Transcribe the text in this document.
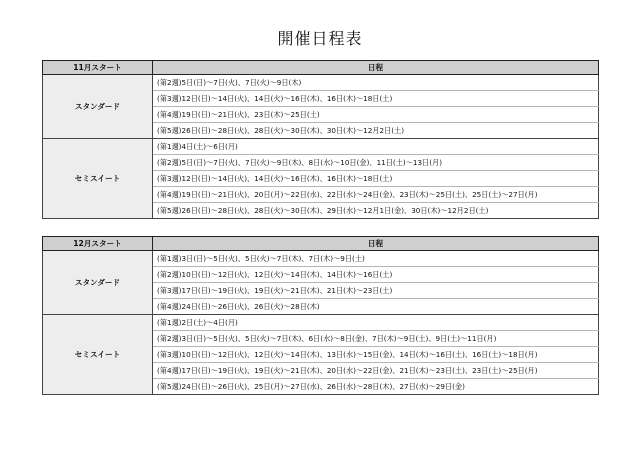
開催日程表
11月スタート	日程
スタンダード	(第2週)5日(日)〜7日(火)、7日(火)〜9日(木)
	(第3週)12日(日)〜14日(火)、14日(火)〜16日(木)、16日(木)〜18日(土)
	(第4週)19日(日)〜21日(火)、23日(木)〜25日(土)
	(第5週)26日(日)〜28日(火)、28日(火)〜30日(木)、30日(木)〜12月2日(土)
セミスイート	(第1週)4日(土)〜6日(月)
	(第2週)5日(日)〜7日(火)、7日(火)〜9日(木)、8日(水)〜10日(金)、11日(土)〜13日(月)
	(第3週)12日(日)〜14日(火)、14日(火)〜16日(木)、16日(木)〜18日(土)
	(第4週)19日(日)〜21日(火)、20日(月)〜22日(水)、22日(水)〜24日(金)、23日(木)〜25日(土)、25日(土)〜27日(月)
	(第5週)26日(日)〜28日(火)、28日(火)〜30日(木)、29日(水)〜12月1日(金)、30日(木)〜12月2日(土)
12月スタート	日程
スタンダード	(第1週)3日(日)〜5日(火)、5日(火)〜7日(木)、7日(木)〜9日(土)
	(第2週)10日(日)〜12日(火)、12日(火)〜14日(木)、14日(木)〜16日(土)
	(第3週)17日(日)〜19日(火)、19日(火)〜21日(木)、21日(木)〜23日(土)
	(第4週)24日(日)〜26日(火)、26日(火)〜28日(木)
セミスイート	(第1週)2日(土)〜4日(月)
	(第2週)3日(日)〜5日(火)、5日(火)〜7日(木)、6日(水)〜8日(金)、7日(木)〜9日(土)、9日(土)〜11日(月)
	(第3週)10日(日)〜12日(火)、12日(火)〜14日(木)、13日(水)〜15日(金)、14日(木)〜16日(土)、16日(土)〜18日(月)
	(第4週)17日(日)〜19日(火)、19日(火)〜21日(木)、20日(水)〜22日(金)、21日(木)〜23日(土)、23日(土)〜25日(月)
	(第5週)24日(日)〜26日(火)、25日(月)〜27日(水)、26日(水)〜28日(木)、27日(水)〜29日(金)
